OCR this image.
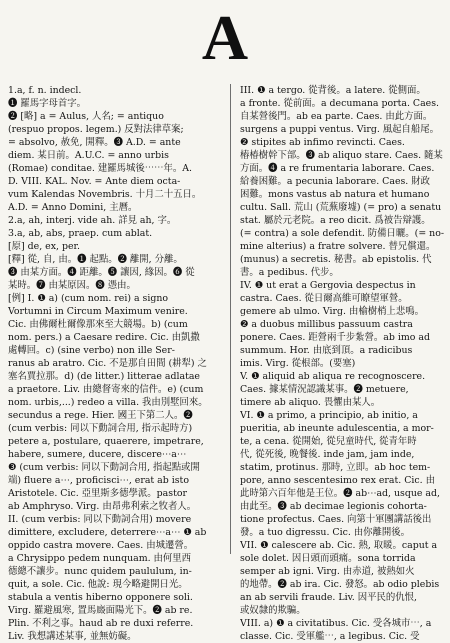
A
1.a, f. n. indecl.
❶ 羅馬字母首字。
❷ [略] a = Aulus, 人名; = antiquo
(respuo propos. legem.) 反對法律草案;
= absolvo, 赦免, 開釋。❸ A.D. = ante
diem. 某日前。A.U.C. = anno urbis
(Romae) conditae. 建羅馬城後⋯⋯年。A.
D. VIII. KAL. Nov. = Ante diem octa-
vum Kalendas Novembris. 十月二十五日。
A.D. = Anno Domini, 主曆。
2.a, ah, interj. vide ah. 詳見 ah, 字。
3.a, ab, abs, praep. cum ablat.
[原] de, ex, per.
[釋] 從, 自, 由。❶ 起點。❷ 離開, 分離。
❸ 由某方面。❹ 距離。❺ 讓因, 緣因。❻ 從
某時。❼ 由某原因。❽ 憑由。
[例] I. ❶ a) (cum nom. rei) a signo
Vortumni in Circum Maximum venire.
Cic. 由佛爾杜爾像那來至大競場。b) (cum
nom. pers.) a Caesare redire. Cic. 由凱撒
處轉回。c) (sine verbo) non ille Ser-
ranus ab aratro. Cic. 不是那自田間 (耕犁) 之
塞名賈拉那。d) (de litter.) litterae adlatae
a praetore. Liv. 由總督寄來的信件。e) (cum
nom. urbis,...) redeo a villa. 我由別墅回來。
secundus a rege. Hier. 國王下第二人。❷
(cum verbis: 同以下動詞合用, 指示起時方)
petere a, postulare, quaerere, impetrare,
habere, sumere, ducere, discere⋯a⋯
❸ (cum verbis: 同以下動詞合用, 指起點或開
端) fluere a⋯, proficisci⋯, erat ab isto
Aristotele. Cic. 亞里斯多德學派。pastor
ab Amphryso. Virg. 由昂弗利索之牧者人。
II. (cum verbis: 同以下動詞合用) movere
dimittere, excludere, deterrere⋯a⋯ ❶ ab
oppido castra movere. Caes. 由城遷營。
a Chrysippo pedem nunquam. 由何里西
德總不讓步。nunc quidem paululum, in-
quit, a sole. Cic. 他說: 現今略避開日光。
stabula a ventis hiberno opponere soli.
Virg. 羅避風寒, 置馬廄面陽光下。❷ ab re.
Plin. 不利之事。haud ab re duxi referre.
Liv. 我想講述某事, 並無妨礙。
III. ❶ a tergo. 從背後。a latere. 從側面。
a fronte. 從前面。a decumana porta. Caes.
自某營後門。ab ea parte. Caes. 由此方面。
surgens a puppi ventus. Virg. 風起自船尾。
❷ stipites ab infimo revincti. Caes.
樁椿樹幹下部。❸ ab aliquo stare. Caes. 隨某
方面。❹ a re frumentaria laborare. Caes.
給養困難。a pecunia laborare. Caes. 財政
困難。mons vastus ab natura et humano
cultu. Sall. 荒山 (荒蕪廢墟) (= pro) a senatu
stat. 屬於元老院。a reo dicit. 爲被告辯護。
(= contra) a sole defendit. 防備日曬。(= no-
mine alterius) a fratre solvere. 替兄償還。
(munus) a secretis. 秘書。ab epistolis. 代
書。a pedibus. 代步。
IV. ❶ ut erat a Gergovia despectus in
castra. Caes. 從日爾高維可瞭望軍營。
gemere ab ulmo. Virg. 由榆樹梢上悲鳴。
❷ a duobus millibus passuum castra
ponere. Caes. 距營兩千步紮營。ab imo ad
summum. Hor. 由底到頂。a radicibus
imis. Virg. 從根部。(要塞)
V. ❶ aliquid ab aliqua re recognoscere.
Caes. 據某情況認識某事。❷ metuere,
timere ab aliquo. 畏懼由某人。
VI. ❶ a primo, a principio, ab initio, a
pueritia, ab ineunte adulescentia, a mor-
te, a cena. 從開始, 從兒童時代, 從青年時
代, 從死後, 晚餐後. inde jam, jam inde,
statim, protinus. 那時, 立即。ab hoc tem-
pore, anno sescentesimo rex erat. Cic. 由
此時第六百年他是王位。❷ ab⋯ad, usque ad,
由此至。❸ ab decimae legionis cohorta-
tione profectus. Caes. 向第十軍團講話後出
發。a tuo digressu. Cic. 由你離開後。
VII. ❶ calescere ab. Cic. 熱, 取暖。caput a
sole dolet. 因日頭而頭痛。sona torrida
semper ab igni. Virg. 由赤道, 被熱如火
的地帶。❷ ab ira. Cic. 發怒。ab odio plebis
an ab servili fraude. Liv. 因平民的仇恨,
或奴隸的欺騙。
VIII. a) ❶ a civitatibus. Cic. 受各城市⋯, a
classe. Cic. 受軍艦⋯, a legibus. Cic. 受
